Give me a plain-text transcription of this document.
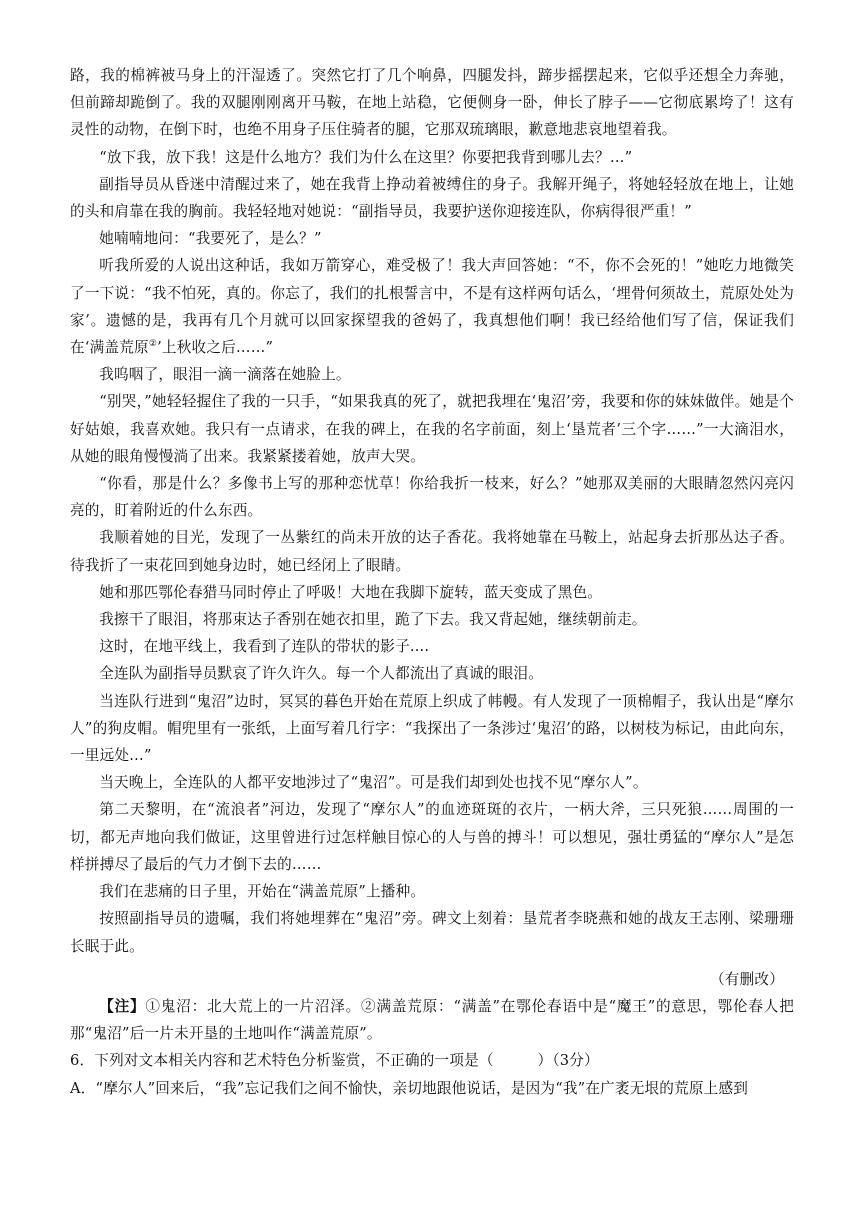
路，我的棉裤被马身上的汗湿透了。突然它打了几个响鼻，四腿发抖，蹄步摇摆起来，它似乎还想全力奔驰，但前蹄却跪倒了。我的双腿刚刚离开马鞍，在地上站稳，它便侧身一卧，伸长了脖子——它彻底累垮了！这有灵性的动物，在倒下时，也绝不用身子压住骑者的腿，它那双琉璃眼，歉意地悲哀地望着我。

“放下我，放下我！这是什么地方？我们为什么在这里？你要把我背到哪儿去？…”

副指导员从昏迷中清醒过来了，她在我背上挣动着被缚住的身子。我解开绳子，将她轻轻放在地上，让她的头和肩靠在我的胸前。我轻轻地对她说：“副指导员，我要护送你迎接连队，你病得很严重！”

她喃喃地问：“我要死了，是么？”

听我所爱的人说出这种话，我如万箭穿心，难受极了！我大声回答她：“不，你不会死的！”她吃力地微笑了一下说：“我不怕死，真的。你忘了，我们的扎根誓言中，不是有这样两句话么，‘埋骨何须故土，荒原处处为家’。遗憾的是，我再有几个月就可以回家探望我的爸妈了，我真想他们啊！我已经给他们写了信，保证我们在‘满盖荒原②’上秋收之后……”

我呜咽了，眼泪一滴一滴落在她脸上。

“别哭，”她轻轻握住了我的一只手，“如果我真的死了，就把我埋在‘鬼沼’旁，我要和你的妹妹做伴。她是个好姑娘，我喜欢她。我只有一点请求，在我的碑上，在我的名字前面，刻上‘垦荒者’三个字……”一大滴泪水，从她的眼角慢慢淌了出来。我紧紧搂着她，放声大哭。

“你看，那是什么？多像书上写的那种恋忧草！你给我折一枝来，好么？”她那双美丽的大眼睛忽然闪亮闪亮的，盯着附近的什么东西。

我顺着她的目光，发现了一丛紫红的尚未开放的达子香花。我将她靠在马鞍上，站起身去折那丛达子香。待我折了一束花回到她身边时，她已经闭上了眼睛。

她和那匹鄂伦春猎马同时停止了呼吸！大地在我脚下旋转，蓝天变成了黑色。

我擦干了眼泪，将那束达子香别在她衣扣里，跪了下去。我又背起她，继续朝前走。

这时，在地平线上，我看到了连队的带状的影子....

全连队为副指导员默哀了许久许久。每一个人都流出了真诚的眼泪。

当连队行进到“鬼沼”边时，冥冥的暮色开始在荒原上织成了帏幔。有人发现了一顶棉帽子，我认出是“摩尔人”的狗皮帽。帽兜里有一张纸，上面写着几行字：“我探出了一条涉过‘鬼沼’的路，以树枝为标记，由此向东，一里远处…”

当天晚上，全连队的人都平安地涉过了“鬼沼”。可是我们却到处也找不见“摩尔人”。

第二天黎明，在“流浪者”河边，发现了“摩尔人”的血迹斑斑的衣片，一柄大斧，三只死狼……周围的一切，都无声地向我们做证，这里曾进行过怎样触目惊心的人与兽的搏斗！可以想见，强壮勇猛的“摩尔人”是怎样拼搏尽了最后的气力才倒下去的……

我们在悲痛的日子里，开始在“满盖荒原”上播种。

按照副指导员的遗嘱，我们将她埋葬在“鬼沼”旁。碑文上刻着：垦荒者李晓燕和她的战友王志刚、梁珊珊长眠于此。

（有删改）

【注】①鬼沼：北大荒上的一片沼泽。②满盖荒原：“满盖”在鄂伦春语中是“魔王”的意思，鄂伦春人把那“鬼沼”后一片未开垦的土地叫作“满盖荒原”。

6．下列对文本相关内容和艺术特色分析鉴赏，不正确的一项是（	）（3分）

A．“摩尔人”回来后，“我”忘记我们之间不愉快，亲切地跟他说话，是因为“我”在广袤无垠的荒原上感到
